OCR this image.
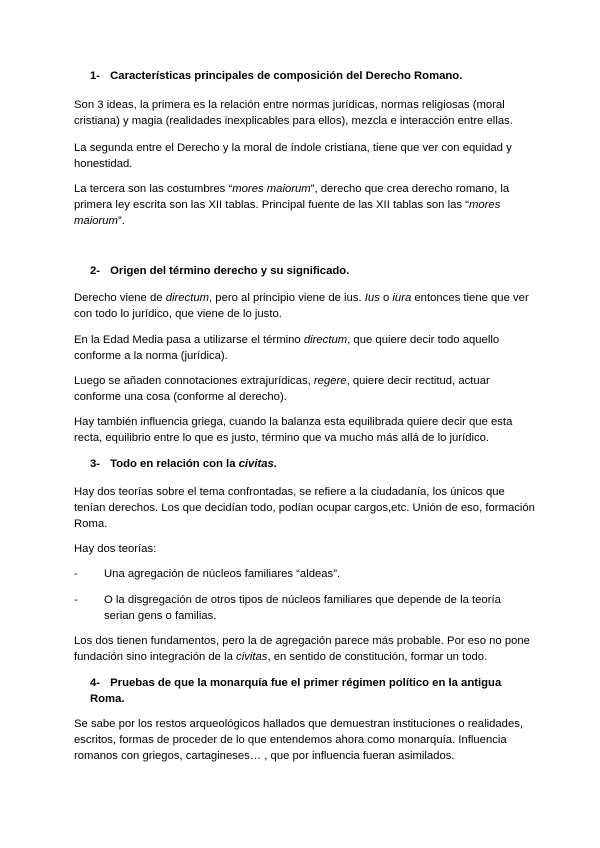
1- Características principales de composición del Derecho Romano.

Son 3 ideas, la primera es la relación entre normas jurídicas, normas religiosas (moral cristiana) y magia (realidades inexplicables para ellos), mezcla e interacción entre ellas.

La segunda entre el Derecho y la moral de índole cristiana, tiene que ver con equidad y honestidad.

La tercera son las costumbres “mores maiorum”, derecho que crea derecho romano, la primera ley escrita son las XII tablas. Principal fuente de las XII tablas son las “mores maiorum”.

2- Origen del término derecho y su significado.

Derecho viene de directum, pero al principio viene de ius. Ius o iura entonces tiene que ver con todo lo jurídico, que viene de lo justo.

En la Edad Media pasa a utilizarse el término directum, que quiere decir todo aquello conforme a la norma (jurídica).

Luego se añaden connotaciones extrajurídicas, regere, quiere decir rectitud, actuar conforme una cosa (conforme al derecho).

Hay también influencia griega, cuando la balanza esta equilibrada quiere decir que esta recta, equilibrio entre lo que es justo, término que va mucho más allá de lo jurídico.

3- Todo en relación con la civitas.

Hay dos teorías sobre el tema confrontadas, se refiere a la ciudadanía, los únicos que tenían derechos. Los que decidían todo, podían ocupar cargos,etc. Unión de eso, formación Roma.

Hay dos teorías:

- Una agregación de núcleos familiares “aldeas”.
- O la disgregación de otros tipos de núcleos familiares que depende de la teoría serian gens o familias.

Los dos tienen fundamentos, pero la de agregación parece más probable. Por eso no pone fundación sino integración de la civitas, en sentido de constitución, formar un todo.

4- Pruebas de que la monarquía fue el primer régimen político en la antigua Roma.

Se sabe por los restos arqueológicos hallados que demuestran instituciones o realidades, escritos, formas de proceder de lo que entendemos ahora como monarquía. Influencia romanos con griegos, cartagineses… , que por influencia fueran asimilados.
